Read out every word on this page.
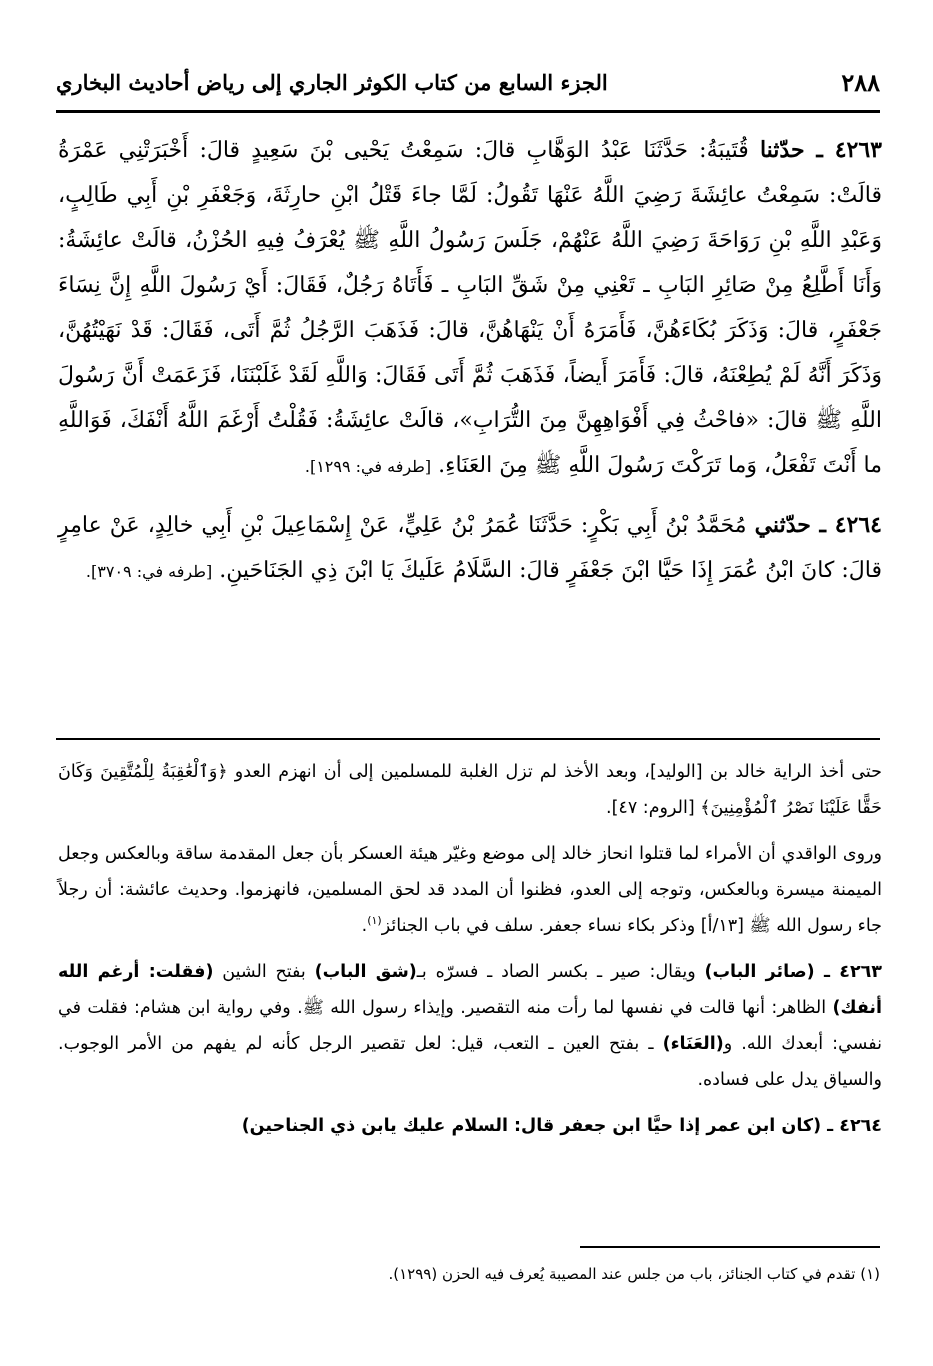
٢٨٨
الجزء السابع من كتاب الكوثر الجاري إلى رياض أحاديث البخاري

٤٢٦٣ ـ حدّثنا قُتَيبَةُ: حَدَّثَنَا عَبْدُ الوَهَّابِ قالَ: سَمِعْتُ يَحْيى بْنَ سَعِيدٍ قالَ: أَخْبَرَتْنِي عَمْرَةُ قالَتْ: سَمِعْتُ عائِشَةَ رَضِيَ اللَّهُ عَنْهَا تَقُولُ: لَمَّا جاءَ قَتْلُ ابْنِ حارِثَةَ، وَجَعْفَرِ بْنِ أَبِي طَالِبٍ، وَعَبْدِ اللَّهِ بْنِ رَوَاحَةَ رَضِيَ اللَّهُ عَنْهُمْ، جَلَسَ رَسُولُ اللَّهِ ﷺ يُعْرَفُ فِيهِ الحُزْنُ، قالَتْ عائِشَةُ: وَأَنَا أَطَّلِعُ مِنْ صَائِرِ البَابِ ـ تَعْنِي مِنْ شَقِّ البَابِ ـ فَأَتَاهُ رَجُلٌ، فَقَالَ: أَيْ رَسُولَ اللَّهِ إِنَّ نِسَاءَ جَعْفَرٍ، قالَ: وَذَكَرَ بُكَاءَهُنَّ، فَأَمَرَهُ أَنْ يَنْهَاهُنَّ، قالَ: فَذَهَبَ الرَّجُلُ ثُمَّ أَتَى، فَقَالَ: قَدْ نَهَيْتُهُنَّ، وَذَكَرَ أَنَّهُ لَمْ يُطِعْنَهُ، قالَ: فَأَمَرَ أَيضاً، فَذَهَبَ ثُمَّ أَتَى فَقَالَ: وَاللَّهِ لَقَدْ غَلَبْنَنَا، فَزَعَمَتْ أَنَّ رَسُولَ اللَّهِ ﷺ قالَ: «فاحْثُ فِي أَفْوَاهِهِنَّ مِنَ التُّرَابِ»، قالَتْ عائِشَةُ: فَقُلْتُ أَرْغَمَ اللَّهُ أَنْفَكَ، فَوَاللَّهِ ما أَنْتَ تَفْعَلُ، وَما تَرَكْتَ رَسُولَ اللَّهِ ﷺ مِنَ العَنَاءِ. [طرفه في: ١٢٩٩].

٤٢٦٤ ـ حدّثني مُحَمَّدُ بْنُ أَبِي بَكْرٍ: حَدَّثَنَا عُمَرُ بْنُ عَلِيٍّ، عَنْ إِسْمَاعِيلَ بْنِ أَبِي خالِدٍ، عَنْ عامِرٍ قالَ: كانَ ابْنُ عُمَرَ إِذَا حَيَّا ابْنَ جَعْفَرٍ قالَ: السَّلَامُ عَلَيكَ يَا ابْنَ ذِي الجَنَاحَينِ. [طرفه في: ٣٧٠٩].

حتى أخذ الراية خالد بن [الوليد]، وبعد الأخذ لم تزل الغلبة للمسلمين إلى أن انهزم العدو ﴿وَٱلْعَٰقِبَةُ لِلْمُتَّقِينَ وَكَانَ حَقًّا عَلَيْنَا نَصْرُ ٱلْمُؤْمِنِينَ﴾ [الروم: ٤٧].

وروى الواقدي أن الأمراء لما قتلوا انحاز خالد إلى موضع وغيّر هيئة العسكر بأن جعل المقدمة ساقة وبالعكس وجعل الميمنة ميسرة وبالعكس، وتوجه إلى العدو، فظنوا أن المدد قد لحق المسلمين، فانهزموا. وحديث عائشة: أن رجلاً جاء رسول الله ﷺ [١٣/أ] وذكر بكاء نساء جعفر. سلف في باب الجنائز$^{(١)}$.

٤٢٦٣ ـ (صائر الباب) ويقال: صير ـ بكسر الصاد ـ فسرّه بـ(شق الباب) بفتح الشين (فقلت: أرغم الله أنفك) الظاهر: أنها قالت في نفسها لما رأت منه التقصير. وإيذاء رسول الله ﷺ. وفي رواية ابن هشام: فقلت في نفسي: أبعدك الله. و(العَنَاء) ـ بفتح العين ـ التعب، قيل: لعل تقصير الرجل كأنه لم يفهم من الأمر الوجوب. والسياق يدل على فساده.

٤٢٦٤ ـ (كان ابن عمر إذا حيَّا ابن جعفر قال: السلام عليك يابن ذي الجناحين)

(١) تقدم في كتاب الجنائز، باب من جلس عند المصيبة يُعرف فيه الحزن (١٢٩٩).
